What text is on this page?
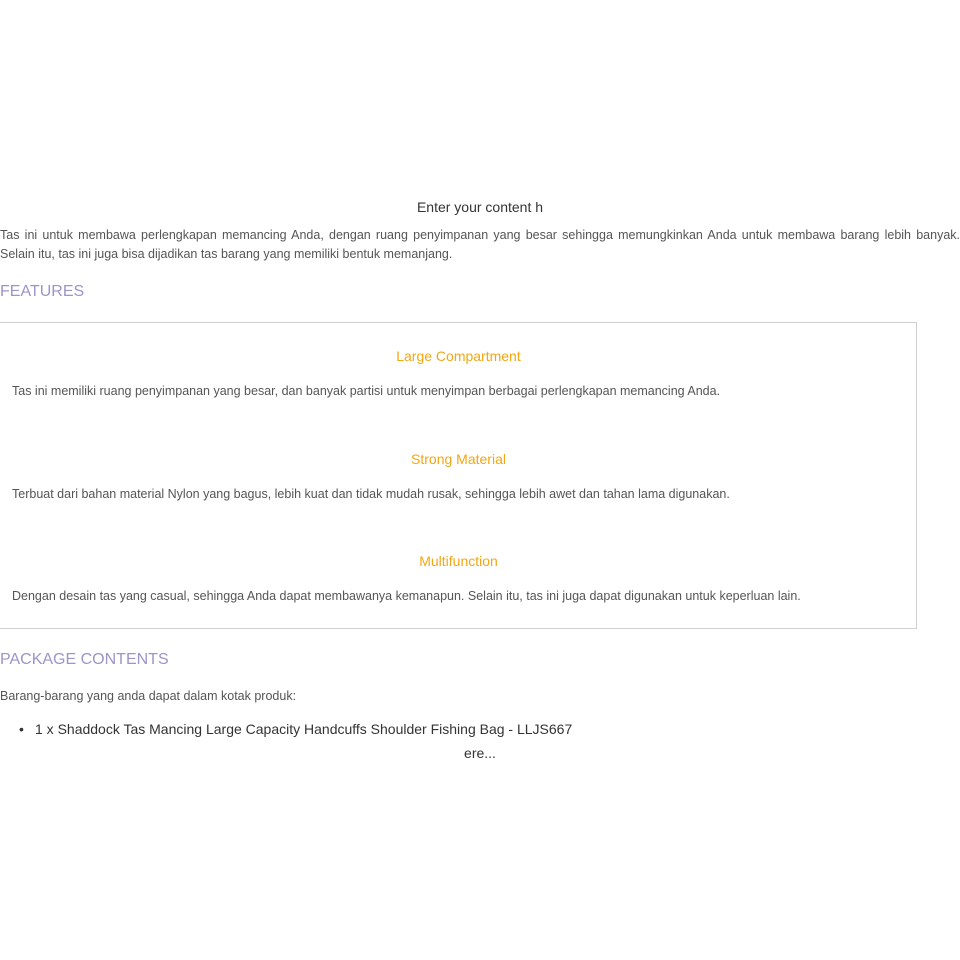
Enter your content h

Tas ini untuk membawa perlengkapan memancing Anda, dengan ruang penyimpanan yang besar sehingga memungkinkan Anda untuk membawa barang lebih banyak. Selain itu, tas ini juga bisa dijadikan tas barang yang memiliki bentuk memanjang.

FEATURES
Large Compartment
Tas ini memiliki ruang penyimpanan yang besar, dan banyak partisi untuk menyimpan berbagai perlengkapan memancing Anda.
Strong Material
Terbuat dari bahan material Nylon yang bagus, lebih kuat dan tidak mudah rusak, sehingga lebih awet dan tahan lama digunakan.
Multifunction
Dengan desain tas yang casual, sehingga Anda dapat membawanya kemanapun. Selain itu, tas ini juga dapat digunakan untuk keperluan lain.
PACKAGE CONTENTS
Barang-barang yang anda dapat dalam kotak produk:
• 1 x Shaddock Tas Mancing Large Capacity Handcuffs Shoulder Fishing Bag - LLJS667
ere...
